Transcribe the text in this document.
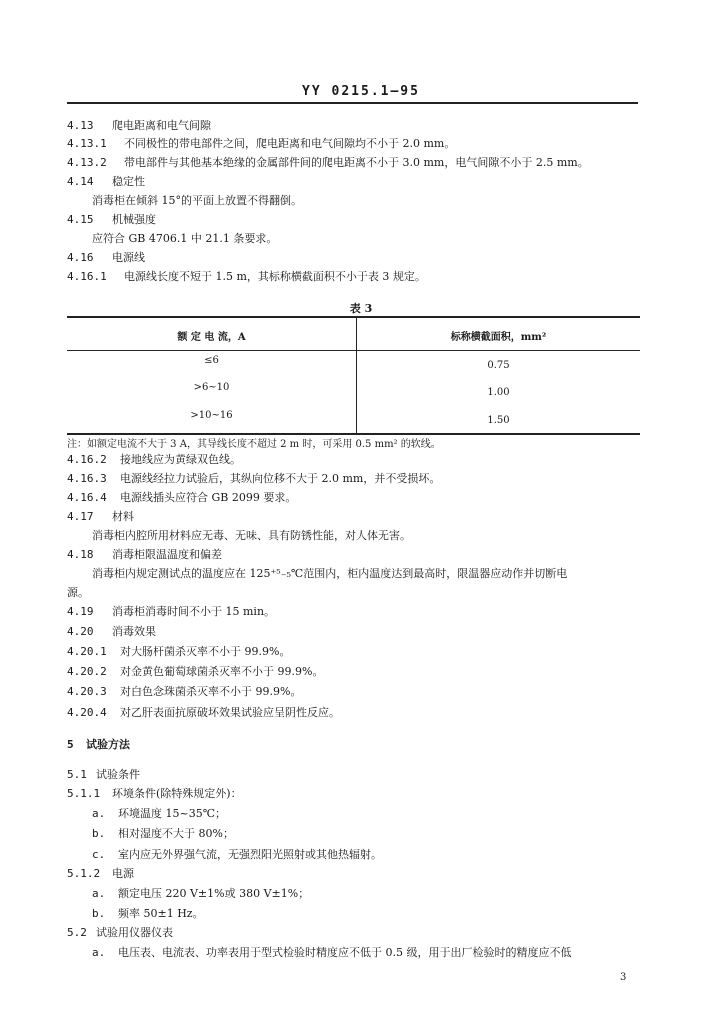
YY 0215.1—95
4.13 爬电距离和电气间隙
4.13.1 不同极性的带电部件之间，爬电距离和电气间隙均不小于 2.0 mm。
4.13.2 带电部件与其他基本绝缘的金属部件间的爬电距离不小于 3.0 mm，电气间隙不小于 2.5 mm。
4.14 稳定性
消毒柜在倾斜 15°的平面上放置不得翻倒。
4.15 机械强度
应符合 GB 4706.1 中 21.1 条要求。
4.16 电源线
4.16.1 电源线长度不短于 1.5 m，其标称横截面积不小于表 3 规定。
表 3
额 定 电 流，A	标称横截面积，mm²
≤6	0.75
>6~10	1.00
>10~16	1.50
注：如额定电流不大于 3 A，其导线长度不超过 2 m 时，可采用 0.5 mm² 的软线。
4.16.2 接地线应为黄绿双色线。
4.16.3 电源线经拉力试验后，其纵向位移不大于 2.0 mm，并不受损坏。
4.16.4 电源线插头应符合 GB 2099 要求。
4.17 材料
消毒柜内腔所用材料应无毒、无味、具有防锈性能，对人体无害。
4.18 消毒柜限温温度和偏差
消毒柜内规定测试点的温度应在 125⁺⁵₋₅℃范围内，柜内温度达到最高时，限温器应动作并切断电
源。
4.19 消毒柜消毒时间不小于 15 min。
4.20 消毒效果
4.20.1 对大肠杆菌杀灭率不小于 99.9%。
4.20.2 对金黄色葡萄球菌杀灭率不小于 99.9%。
4.20.3 对白色念珠菌杀灭率不小于 99.9%。
4.20.4 对乙肝表面抗原破坏效果试验应呈阴性反应。
5 试验方法
5.1 试验条件
5.1.1 环境条件(除特殊规定外)：
a. 环境温度 15~35℃；
b. 相对湿度不大于 80%；
c. 室内应无外界强气流，无强烈阳光照射或其他热辐射。
5.1.2 电源
a. 额定电压 220 V±1%或 380 V±1%；
b. 频率 50±1 Hz。
5.2 试验用仪器仪表
a. 电压表、电流表、功率表用于型式检验时精度应不低于 0.5 级，用于出厂检验时的精度应不低
3
